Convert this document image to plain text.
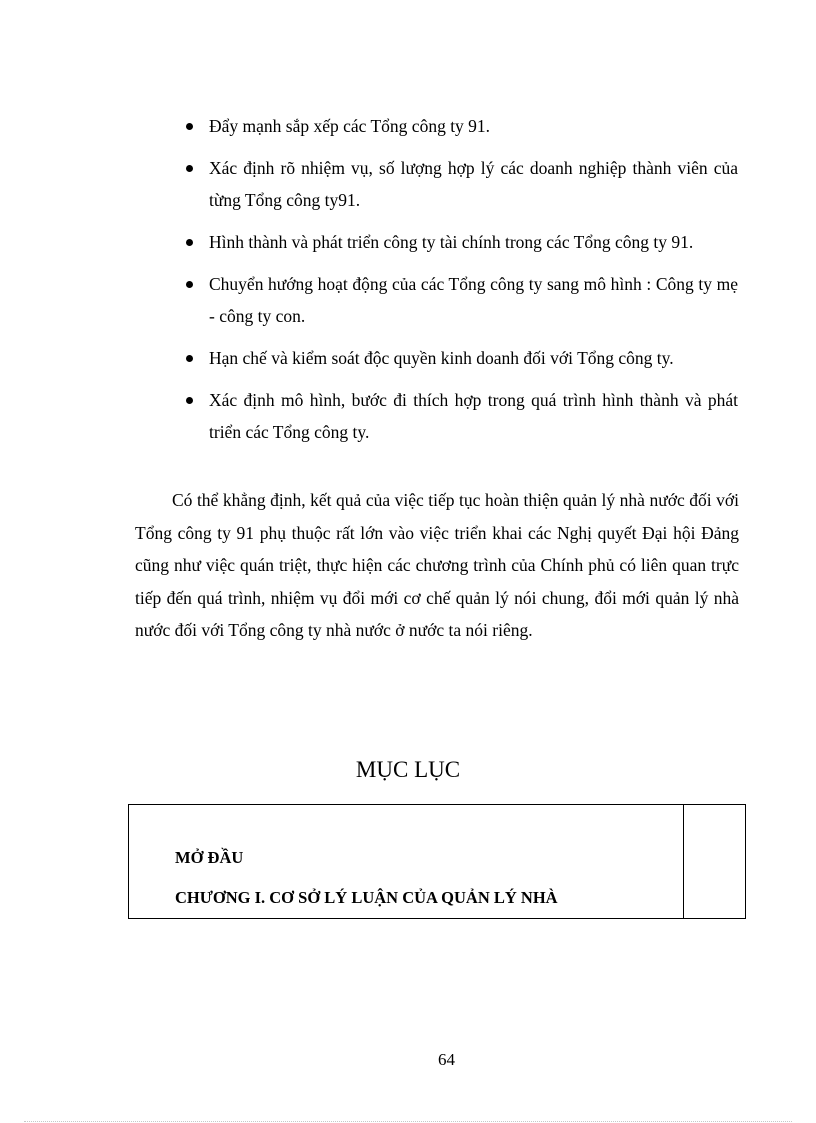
Đẩy mạnh sắp xếp các Tổng công ty 91.
Xác định rõ nhiệm vụ, số lượng hợp lý các doanh nghiệp thành viên của từng Tổng công ty91.
Hình thành và phát triển công ty tài chính trong các Tổng công ty 91.
Chuyển hướng hoạt động của các Tổng công ty sang mô hình : Công ty mẹ - công ty con.
Hạn chế và kiểm soát độc quyền kinh doanh đối với Tổng công ty.
Xác định mô hình, bước đi thích hợp trong quá trình hình thành và phát triển các Tổng công ty.

Có thể khẳng định, kết quả của việc tiếp tục hoàn thiện quản lý nhà nước đối với Tổng công ty 91 phụ thuộc rất lớn vào việc triển khai các Nghị quyết Đại hội Đảng cũng như việc quán triệt, thực hiện các chương trình của Chính phủ có liên quan trực tiếp đến quá trình, nhiệm vụ đổi mới cơ chế quản lý nói chung, đổi mới quản lý nhà nước đối với Tổng công ty nhà nước ở nước ta nói riêng.

MỤC LỤC
MỞ ĐẦU
CHƯƠNG I. CƠ SỞ LÝ LUẬN CỦA QUẢN LÝ NHÀ
64
